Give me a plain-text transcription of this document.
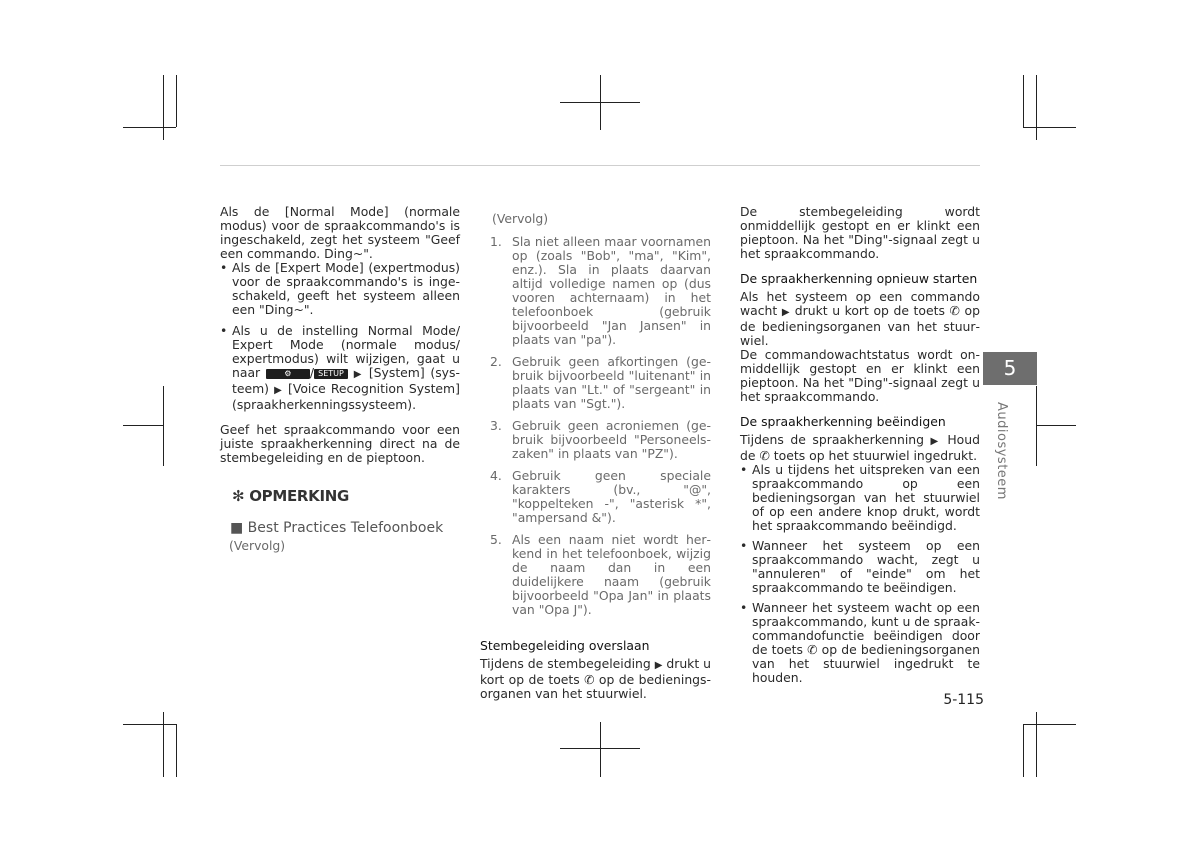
Als de [Normal Mode] (normale modus) voor de spraakcommando's is ingeschakeld, zegt het systeem "Geef een commando. Ding~".

• Als de [Expert Mode] (expertmodus) voor de spraakcommando's is ingeschakeld, geeft het systeem alleen een "Ding~".
• Als u de instelling Normal Mode/ Expert Mode (normale modus/ expertmodus) wilt wijzigen, gaat u naar	⚙ / SETUP ▶ [System] (systeem) ▶ [Voice Recognition System] (spraakherkenningssysteem).

Geef het spraakcommando voor een juiste spraakherkenning direct na de stembegeleiding en de pieptoon.

✻ OPMERKING
■ Best Practices Telefoonboek
(Vervolg)
(Vervolg)
1. Sla niet alleen maar voornamen op (zoals "Bob", "ma", "Kim", enz.). Sla in plaats daarvan altijd volledige namen op (dus vooren achternaam) in het telefoonboek (gebruik bijvoorbeeld "Jan Jansen" in plaats van "pa").
2. Gebruik geen afkortingen (gebruik bijvoorbeeld "luitenant" in plaats van "Lt." of "sergeant" in plaats van "Sgt.").
3. Gebruik geen acroniemen (gebruik bijvoorbeeld "Personeelszaken" in plaats van "PZ").
4. Gebruik geen speciale karakters (bv., "@", "koppelteken -", "asterisk *", "ampersand &").
5. Als een naam niet wordt herkend in het telefoonboek, wijzig de naam dan in een duidelijkere naam (gebruik bijvoorbeeld "Opa Jan" in plaats van "Opa J").
Stembegeleiding overslaan

Tijdens de stembegeleiding ▶ drukt u kort op de toets ✆ op de bedieningsorganen van het stuurwiel.

De stembegeleiding wordt onmiddellijk gestopt en er klinkt een pieptoon. Na het "Ding"-signaal zegt u het spraakcommando.

De spraakherkenning opnieuw starten

Als het systeem op een commando wacht ▶ drukt u kort op de toets ✆ op de bedieningsorganen van het stuurwiel.

De commandowachtstatus wordt onmiddellijk gestopt en er klinkt een pieptoon. Na het "Ding"-signaal zegt u het spraakcommando.

De spraakherkenning beëindigen

Tijdens de spraakherkenning ▶ Houd de ✆ toets op het stuurwiel ingedrukt.

• Als u tijdens het uitspreken van een spraakcommando op een bedieningsorgan van het stuurwiel of op een andere knop drukt, wordt het spraakcommando beëindigd.
• Wanneer het systeem op een spraakcommando wacht, zegt u "annuleren" of "einde" om het spraakcommando te beëindigen.
• Wanneer het systeem wacht op een spraakcommando, kunt u de spraakcommandofunctie beëindigen door de toets ✆ op de bedieningsorganen van het stuurwiel ingedrukt te houden.
5
Audiosysteem
5-115
